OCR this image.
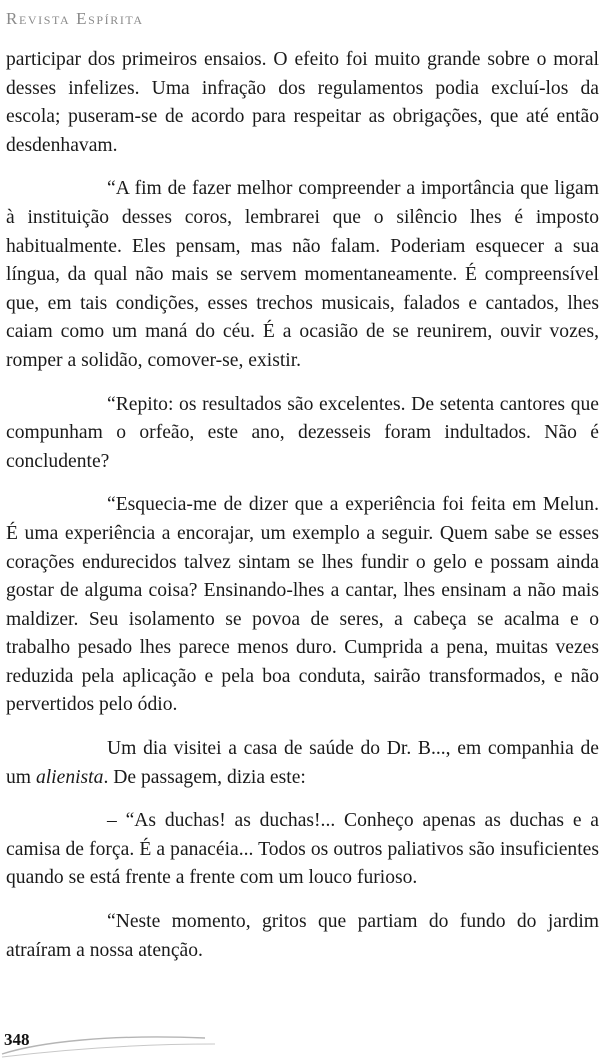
Revista Espírita

participar dos primeiros ensaios. O efeito foi muito grande sobre o moral desses infelizes. Uma infração dos regulamentos podia excluí-los da escola; puseram-se de acordo para respeitar as obrigações, que até então desdenhavam.

“A fim de fazer melhor compreender a importância que ligam à instituição desses coros, lembrarei que o silêncio lhes é imposto habitualmente. Eles pensam, mas não falam. Poderiam esquecer a sua língua, da qual não mais se servem momentaneamente. É compreensível que, em tais condições, esses trechos musicais, falados e cantados, lhes caiam como um maná do céu. É a ocasião de se reunirem, ouvir vozes, romper a solidão, comover-se, existir.

“Repito: os resultados são excelentes. De setenta cantores que compunham o orfeão, este ano, dezesseis foram indultados. Não é concludente?

“Esquecia-me de dizer que a experiência foi feita em Melun. É uma experiência a encorajar, um exemplo a seguir. Quem sabe se esses corações endurecidos talvez sintam se lhes fundir o gelo e possam ainda gostar de alguma coisa? Ensinando-lhes a cantar, lhes ensinam a não mais maldizer. Seu isolamento se povoa de seres, a cabeça se acalma e o trabalho pesado lhes parece menos duro. Cumprida a pena, muitas vezes reduzida pela aplicação e pela boa conduta, sairão transformados, e não pervertidos pelo ódio.

Um dia visitei a casa de saúde do Dr. B..., em companhia de um alienista. De passagem, dizia este:

– “As duchas! as duchas!... Conheço apenas as duchas e a camisa de força. É a panacéia... Todos os outros paliativos são insuficientes quando se está frente a frente com um louco furioso.

“Neste momento, gritos que partiam do fundo do jardim atraíram a nossa atenção.

348
